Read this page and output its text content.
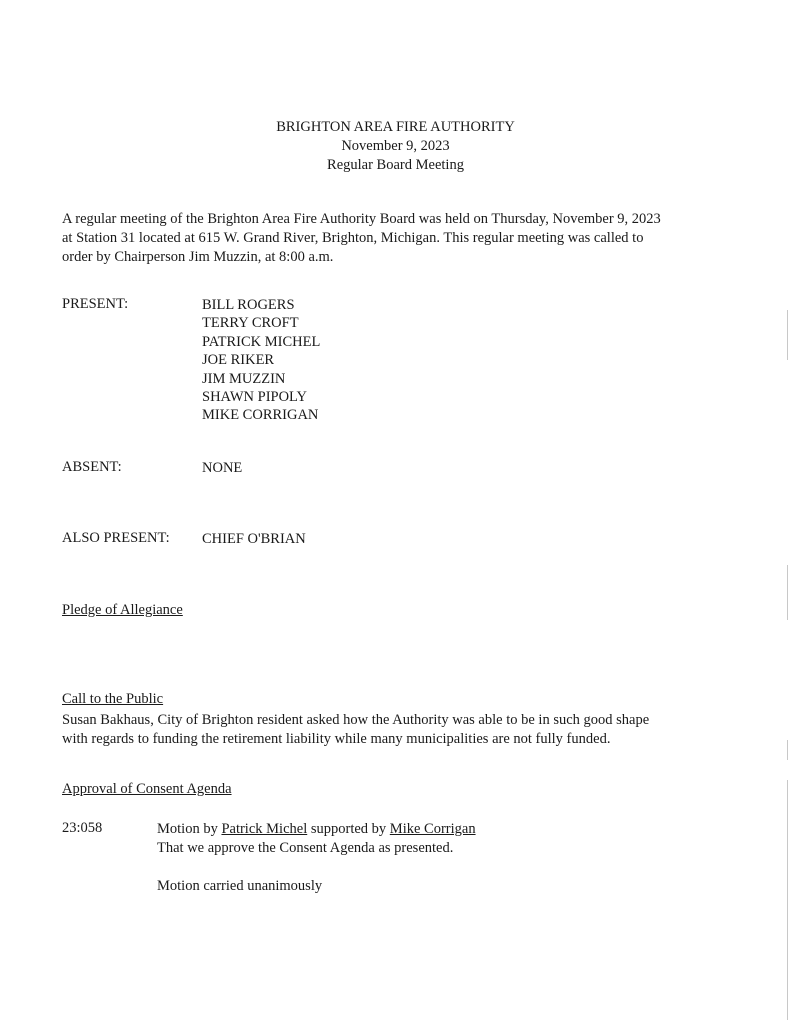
BRIGHTON AREA FIRE AUTHORITY
November 9, 2023
Regular Board Meeting
A regular meeting of the Brighton Area Fire Authority Board was held on Thursday, November 9, 2023
at Station 31 located at 615 W. Grand River, Brighton, Michigan. This regular meeting was called to
order by Chairperson Jim Muzzin, at 8:00 a.m.
PRESENT:	BILL ROGERS
TERRY CROFT
PATRICK MICHEL
JOE RIKER
JIM MUZZIN
SHAWN PIPOLY
MIKE CORRIGAN
ABSENT:	NONE
ALSO PRESENT: CHIEF O'BRIAN
Pledge of Allegiance
Call to the Public
Susan Bakhaus, City of Brighton resident asked how the Authority was able to be in such good shape
with regards to funding the retirement liability while many municipalities are not fully funded.
Approval of Consent Agenda
23:058	Motion by Patrick Michel supported by Mike Corrigan
That we approve the Consent Agenda as presented.
Motion carried unanimously
